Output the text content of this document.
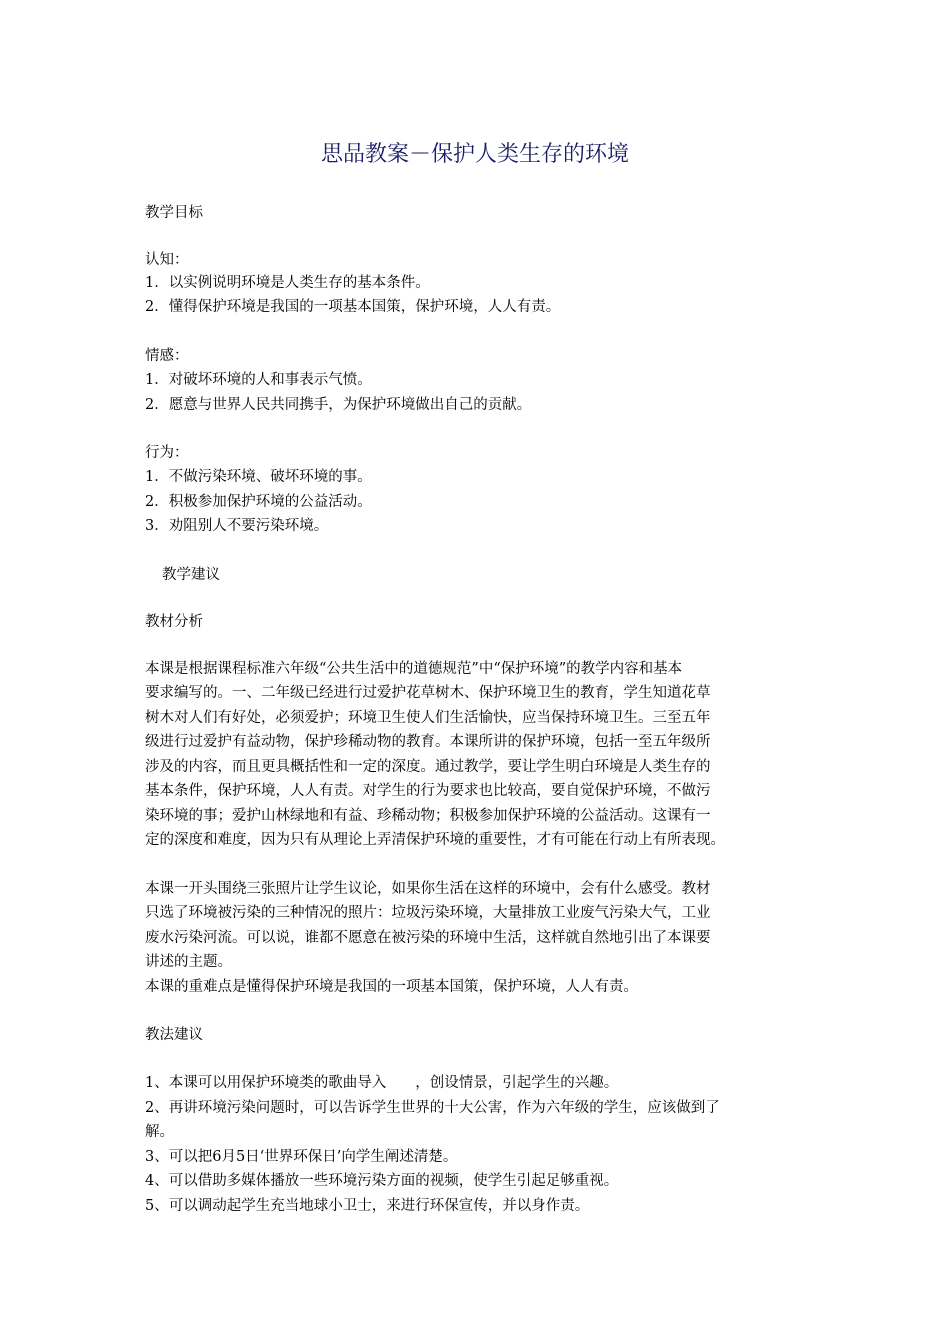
思品教案－保护人类生存的环境
教学目标
认知：
1．以实例说明环境是人类生存的基本条件。
2．懂得保护环境是我国的一项基本国策，保护环境，人人有责。
情感：
1．对破坏环境的人和事表示气愤。
2．愿意与世界人民共同携手，为保护环境做出自己的贡献。
行为：
1．不做污染环境、破坏环境的事。
2．积极参加保护环境的公益活动。
3．劝阻别人不要污染环境。
教学建议
教材分析
本课是根据课程标准六年级“公共生活中的道德规范”中“保护环境”的教学内容和基本
要求编写的。一、二年级已经进行过爱护花草树木、保护环境卫生的教育，学生知道花草
树木对人们有好处，必须爱护；环境卫生使人们生活愉快，应当保持环境卫生。三至五年
级进行过爱护有益动物，保护珍稀动物的教育。本课所讲的保护环境，包括一至五年级所
涉及的内容，而且更具概括性和一定的深度。通过教学，要让学生明白环境是人类生存的
基本条件，保护环境，人人有责。对学生的行为要求也比较高，要自觉保护环境，不做污
染环境的事；爱护山林绿地和有益、珍稀动物；积极参加保护环境的公益活动。这课有一
定的深度和难度，因为只有从理论上弄清保护环境的重要性，才有可能在行动上有所表现。
本课一开头围绕三张照片让学生议论，如果你生活在这样的环境中，会有什么感受。教材
只选了环境被污染的三种情况的照片：垃圾污染环境，大量排放工业废气污染大气，工业
废水污染河流。可以说，谁都不愿意在被污染的环境中生活，这样就自然地引出了本课要
讲述的主题。
本课的重难点是懂得保护环境是我国的一项基本国策，保护环境，人人有责。
教法建议
1、本课可以用保护环境类的歌曲导入　　，创设情景，引起学生的兴趣。
2、再讲环境污染问题时，可以告诉学生世界的十大公害，作为六年级的学生，应该做到了
解。
3、可以把6月5日‘世界环保日’向学生阐述清楚。
4、可以借助多媒体播放一些环境污染方面的视频，使学生引起足够重视。
5、可以调动起学生充当地球小卫士，来进行环保宣传，并以身作责。
